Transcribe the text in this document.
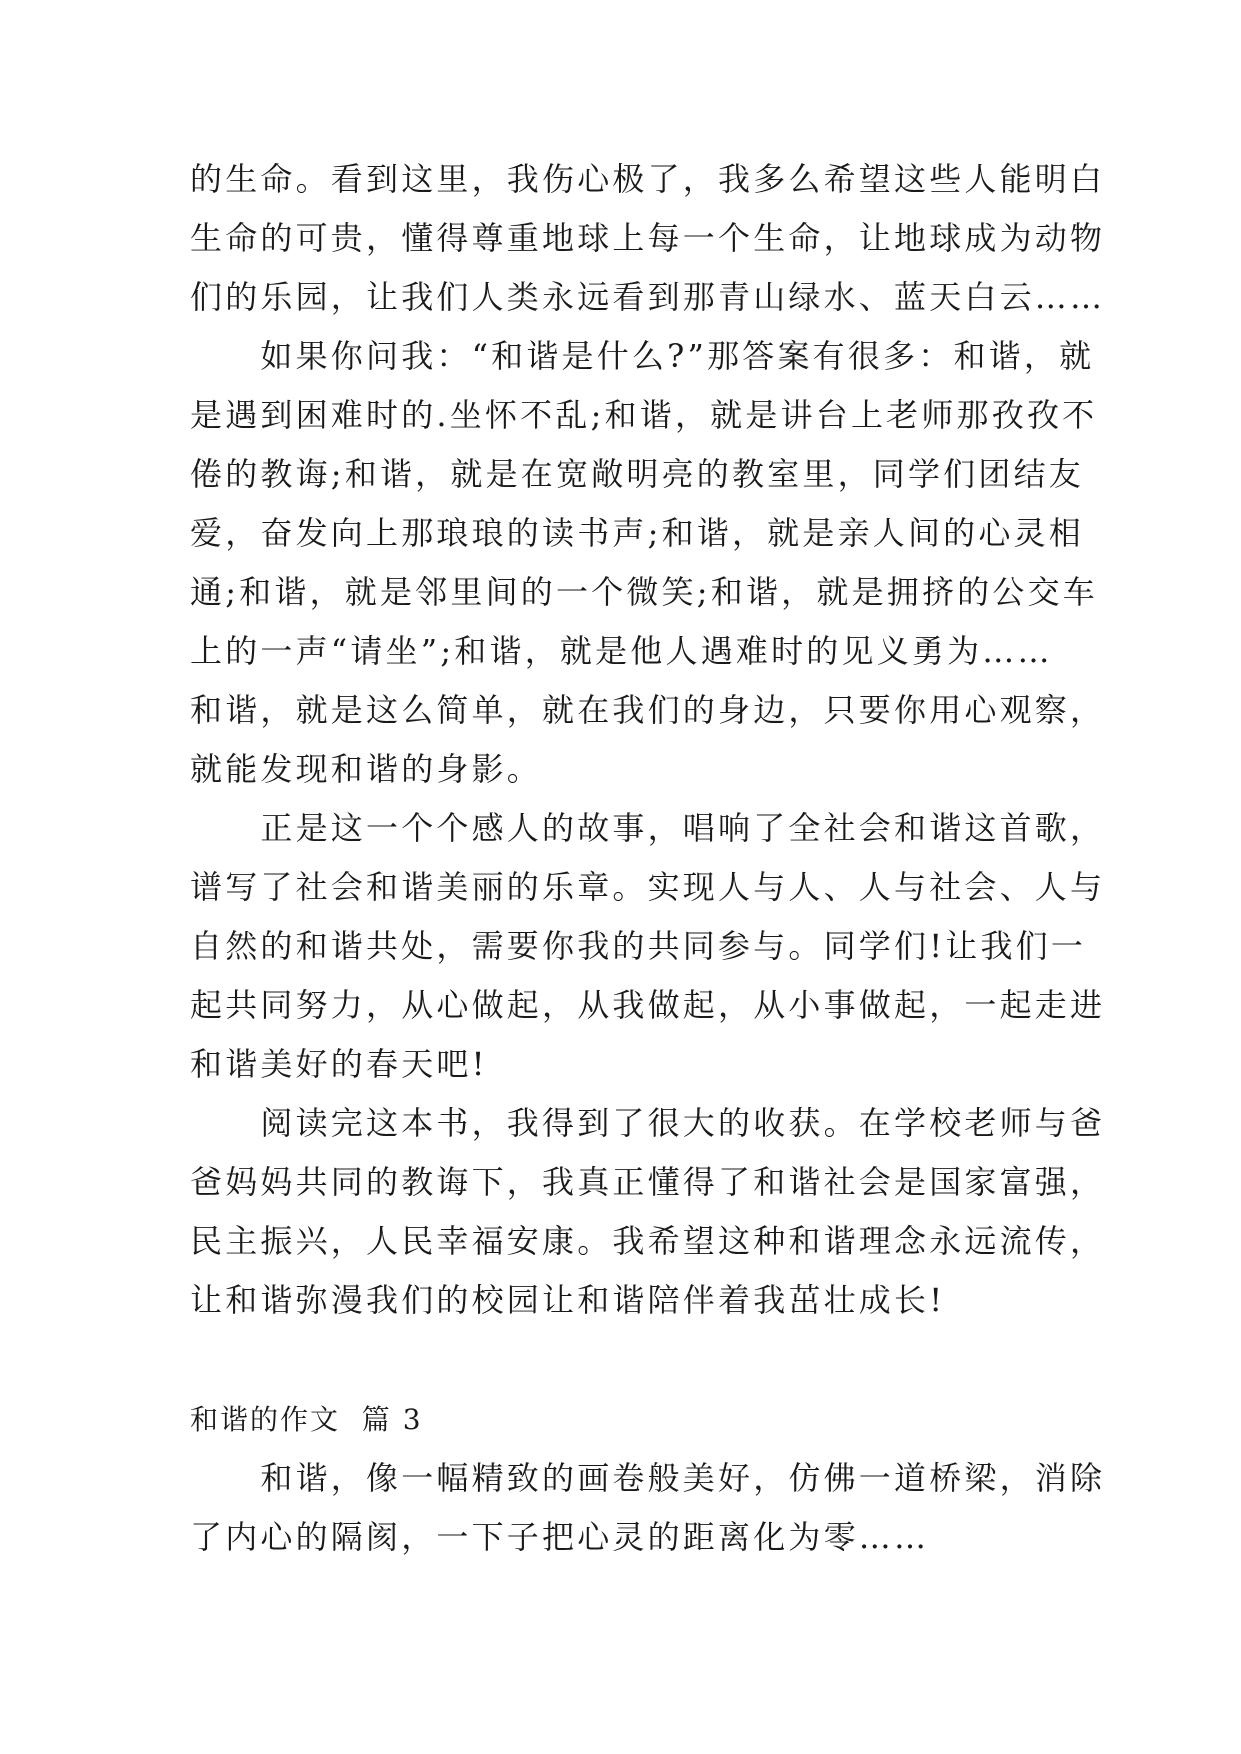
的生命。看到这里，我伤心极了，我多么希望这些人能明白
生命的可贵，懂得尊重地球上每一个生命，让地球成为动物
们的乐园，让我们人类永远看到那青山绿水、蓝天白云……
　　如果你问我：“和谐是什么?”那答案有很多：和谐，就
是遇到困难时的.坐怀不乱;和谐，就是讲台上老师那孜孜不
倦的教诲;和谐，就是在宽敞明亮的教室里，同学们团结友
爱，奋发向上那琅琅的读书声;和谐，就是亲人间的心灵相
通;和谐，就是邻里间的一个微笑;和谐，就是拥挤的公交车
上的一声“请坐”;和谐，就是他人遇难时的见义勇为……
和谐，就是这么简单，就在我们的身边，只要你用心观察，
就能发现和谐的身影。
　　正是这一个个感人的故事，唱响了全社会和谐这首歌，
谱写了社会和谐美丽的乐章。实现人与人、人与社会、人与
自然的和谐共处，需要你我的共同参与。同学们!让我们一
起共同努力，从心做起，从我做起，从小事做起，一起走进
和谐美好的春天吧!
　　阅读完这本书，我得到了很大的收获。在学校老师与爸
爸妈妈共同的教诲下，我真正懂得了和谐社会是国家富强，
民主振兴，人民幸福安康。我希望这种和谐理念永远流传，
让和谐弥漫我们的校园让和谐陪伴着我茁壮成长!
和谐的作文  篇 3
　　和谐，像一幅精致的画卷般美好，仿佛一道桥梁，消除
了内心的隔阂，一下子把心灵的距离化为零……
